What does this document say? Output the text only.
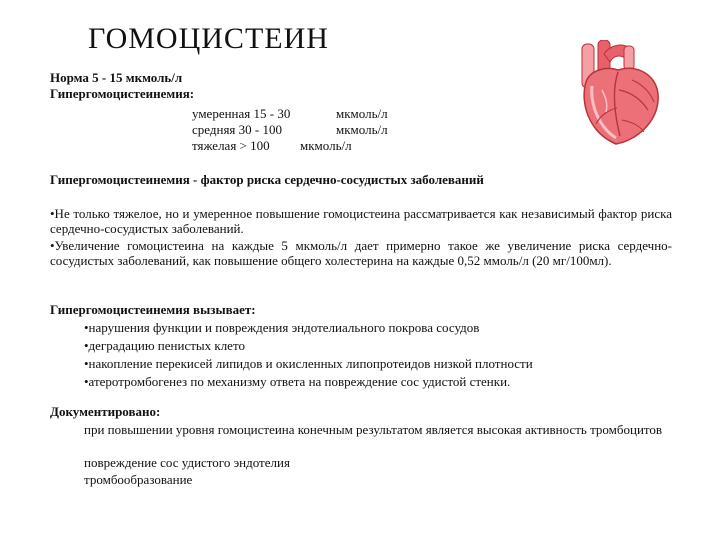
ГОМОЦИСТЕИН
Норма 5 - 15 мкмоль/л
Гипергомоцистеинемия:
умеренная 15 - 30	мкмоль/л
средняя 30 - 100	мкмоль/л
тяжелая > 100 мкмоль/л
Гипергомоцистеинемия - фактор риска сердечно-сосудистых заболеваний
•Не только тяжелое, но и умеренное повышение гомоцистеина рассматривается как независимый фактор риска сердечно-сосудистых заболеваний.
•Увеличение гомоцистеина на каждые 5 мкмоль/л дает примерно такое же увеличение риска сердечно-сосудистых заболеваний, как повышение общего холестерина на каждые 0,52 ммоль/л (20 мг/100мл).
Гипергомоцистеинемия вызывает:
•нарушения функции и повреждения эндотелиального покрова сосудов
•деградацию пенистых клето
•накопление перекисей липидов и окисленных липопротеидов низкой плотности
•атеротромбогенез по механизму ответа на повреждение сос удистой стенки.
Документировано:
при повышении уровня гомоцистеина конечным результатом является высокая активность тромбоцитов
повреждение сос удистого эндотелия
тромбообразование
